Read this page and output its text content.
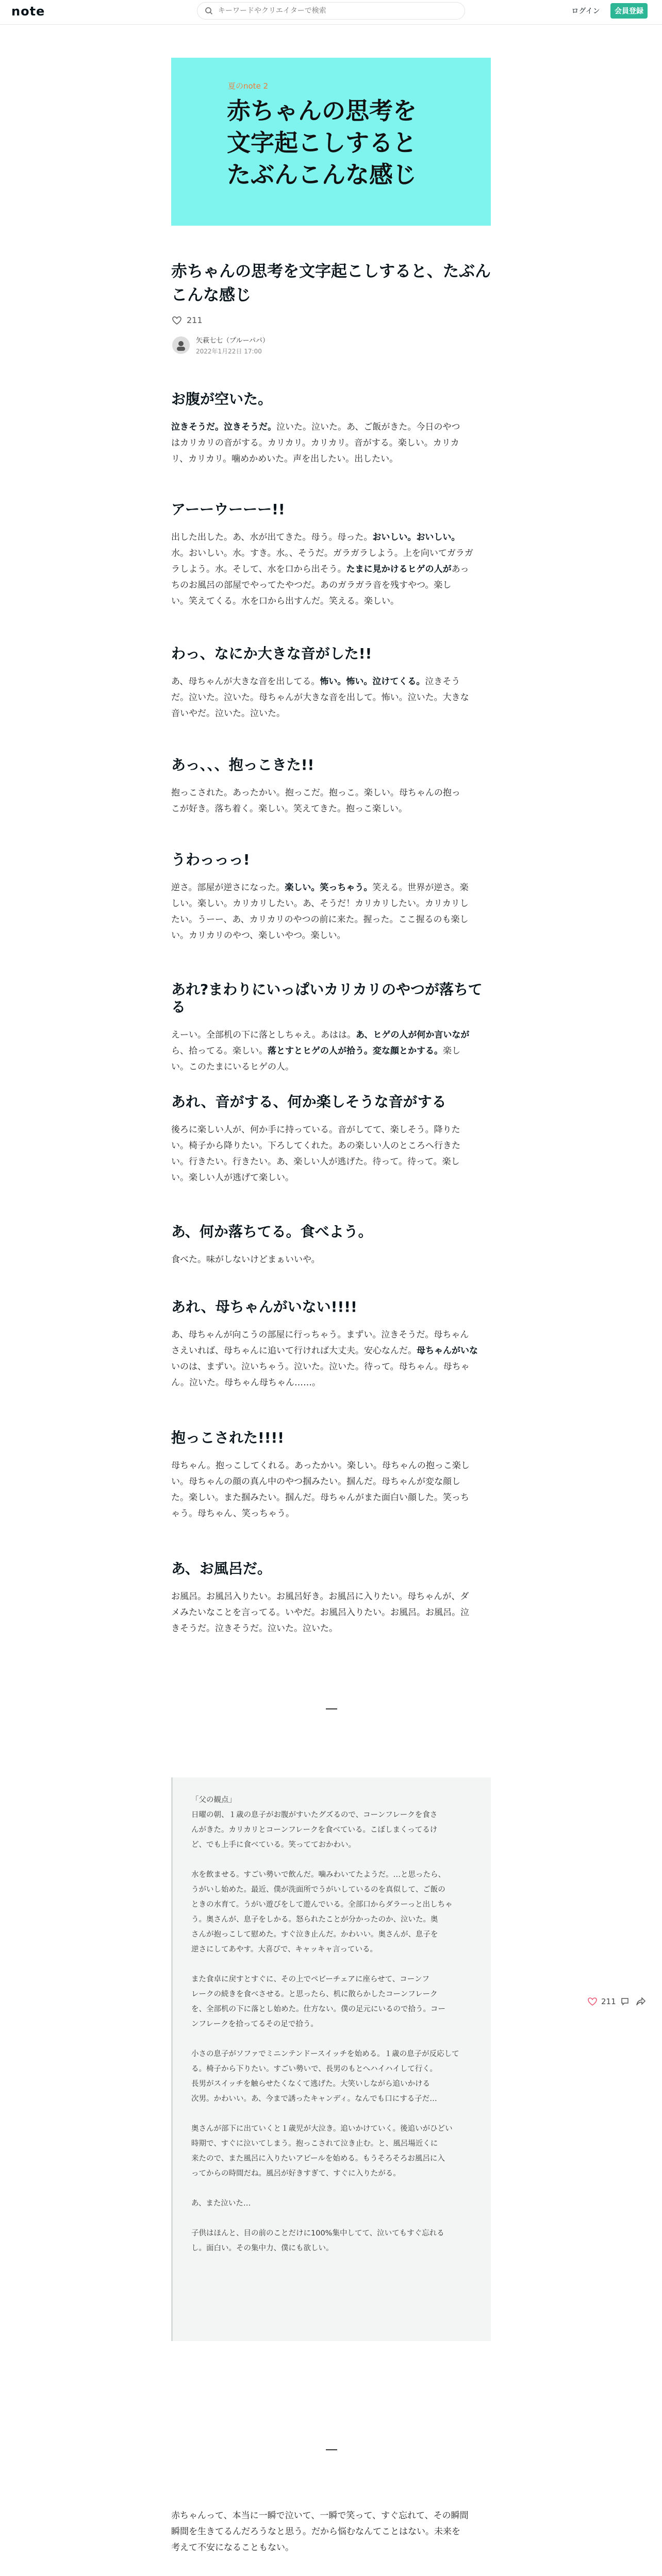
note
キーワードやクリエイターで検索	ログイン	会員登録
夏のnote 2
赤ちゃんの思考を
文字起こしすると
たぶんこんな感じ
赤ちゃんの思考を文字起こしすると、たぶん
こんな感じ
211
矢萩七七（プルーパパ）
2022年1月22日 17:00
お腹が空いた。
泣きそうだ。泣きそうだ。泣いた。泣いた。あ、ご飯がきた。今日のやつ
はカリカリの音がする。カリカリ。カリカリ。音がする。楽しい。カリカ
リ、カリカリ。噛めかめいた。声を出したい。出したい。
アーーウーーー!!
出した出した。あ、水が出てきた。母う。母った。おいしい。おいしい。
水。おいしい。水。すき。水。、そうだ。ガラガラしよう。上を向いてガラガ
ラしよう。水。そして、水を口から出そう。たまに見かけるヒゲの人があっ
ちのお風呂の部屋でやってたやつだ。あのガラガラ音を残すやつ。楽し
い。笑えてくる。水を口から出すんだ。笑える。楽しい。
わっ、なにか大きな音がした!!
あ、母ちゃんが大きな音を出してる。怖い。怖い。泣けてくる。泣きそう
だ。泣いた。泣いた。母ちゃんが大きな音を出して。怖い。泣いた。大きな
音いやだ。泣いた。泣いた。
あっ、、、抱っこきた!!
抱っこされた。あったかい。抱っこだ。抱っこ。楽しい。母ちゃんの抱っ
こが好き。落ち着く。楽しい。笑えてきた。抱っこ楽しい。
うわっっっ!
逆さ。部屋が逆さになった。楽しい。笑っちゃう。笑える。世界が逆さ。楽
しい。楽しい。カリカリしたい。あ、そうだ！カリカリしたい。カリカリし
たい。うーー、あ、カリカリのやつの前に来た。握った。ここ握るのも楽し
い。カリカリのやつ、楽しいやつ。楽しい。
あれ?まわりにいっぱいカリカリのやつが落ちてる
えーい。全部机の下に落としちゃえ。あはは。あ、ヒゲの人が何か言いなが
ら、拾ってる。楽しい。落とすとヒゲの人が拾う。変な顔とかする。楽し
い。このたまにいるヒゲの人。
あれ、音がする、何か楽しそうな音がする
後ろに楽しい人が、何か手に持っている。音がしてて、楽しそう。降りた
い。椅子から降りたい。下ろしてくれた。あの楽しい人のところへ行きた
い。行きたい。行きたい。あ、楽しい人が逃げた。待って。待って。楽し
い。楽しい人が逃げて楽しい。
あ、何か落ちてる。食べよう。
食べた。味がしないけどまぁいいや。
あれ、母ちゃんがいない!!!!
あ、母ちゃんが向こうの部屋に行っちゃう。まずい。泣きそうだ。母ちゃん
さえいれば、母ちゃんに追いて行ければ大丈夫。安心なんだ。母ちゃんがいな
いのは、まずい。泣いちゃう。泣いた。泣いた。待って。母ちゃん。母ちゃ
ん。泣いた。母ちゃん母ちゃん……。
抱っこされた!!!!
母ちゃん。抱っこしてくれる。あったかい。楽しい。母ちゃんの抱っこ楽し
い。母ちゃんの顔の真ん中のやつ掴みたい。掴んだ。母ちゃんが変な顔し
た。楽しい。また掴みたい。掴んだ。母ちゃんがまた面白い顔した。笑っち
ゃう。母ちゃん、笑っちゃう。
あ、お風呂だ。
お風呂。お風呂入りたい。お風呂好き。お風呂に入りたい。母ちゃんが、ダ
メみたいなことを言ってる。いやだ。お風呂入りたい。お風呂。お風呂。泣
きそうだ。泣きそうだ。泣いた。泣いた。

「父の観点」
日曜の朝、１歳の息子がお腹がすいたグズるので、コーンフレークを食さ
んがきた。カリカリとコーンフレークを食べている。こぼしまくってるけ
ど、でも上手に食べている。笑ってておかわい。

水を飲ませる。すごい勢いで飲んだ。噛みわいてたようだ。…と思ったら、
うがいし始めた。最近、僕が洗面所でうがいしているのを真似して、ご飯の
ときの水育て。うがい遊びをして遊んでいる。全部口からダラーっと出しちゃ
う。奥さんが、息子をしかる。怒られたことが分かったのか、泣いた。奥
さんが抱っこして慰めた。すぐ泣き止んだ。かわいい。奥さんが、息子を
逆さにしてあやす。大喜びで、キャッキャ言っている。

また食卓に戻すとすぐに、その上でペビーチェアに座らせて、コーンフ
レークの続きを食べさせる。と思ったら、机に散らかしたコーンフレーク
を、全部机の下に落とし始めた。仕方ない。僕の足元にいるので拾う。コー
ンフレークを拾ってるその足で拾う。

小さの息子がソファでミニンテンドースイッチを始める。１歳の息子が反応して
る。椅子から下りたい。すごい勢いで、長男のもとへハイハイして行く。
長男がスイッチを触らせたくなくて逃げた。大笑いしながら追いかける
次男。かわいい。あ、今まで誘ったキャンディ。なんでも口にする子だ…

奥さんが部下に出ていくと１歳児が大泣き。追いかけていく。後追いがひどい
時期で、すぐに泣いてしまう。抱っこされて泣き止む。と、風呂場近くに
来たので、また風呂に入りたいアピールを始める。もうそろそろお風呂に入
ってからの時間だね。風呂が好きすぎて、すぐに入りたがる。

あ、また泣いた…

子供はほんと、目の前のことだけに100%集中してて、泣いてもすぐ忘れる
し。面白い。その集中力、僕にも欲しい。

赤ちゃんって、本当に一瞬で泣いて、一瞬で笑って、すぐ忘れて、その瞬間
瞬間を生きてるんだろうなと思う。だから悩むなんてことはない。未来を
考えて不安になることもない。
211
